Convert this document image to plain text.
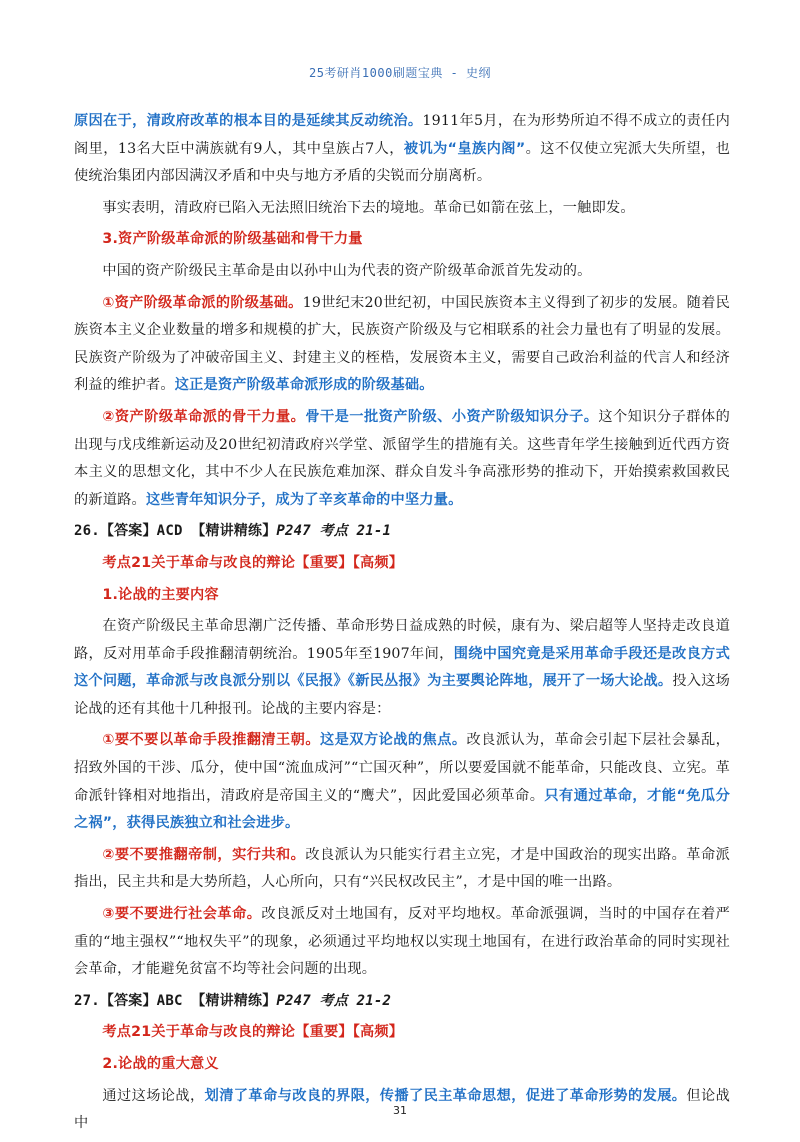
25考研肖1000刷题宝典 - 史纲

原因在于，清政府改革的根本目的是延续其反动统治。1911年5月，在为形势所迫不得不成立的责任内阁里，13名大臣中满族就有9人，其中皇族占7人，被讥为“皇族内阁”。这不仅使立宪派大失所望，也使统治集团内部因满汉矛盾和中央与地方矛盾的尖锐而分崩离析。

事实表明，清政府已陷入无法照旧统治下去的境地。革命已如箭在弦上，一触即发。

3.资产阶级革命派的阶级基础和骨干力量

中国的资产阶级民主革命是由以孙中山为代表的资产阶级革命派首先发动的。

①资产阶级革命派的阶级基础。19世纪末20世纪初，中国民族资本主义得到了初步的发展。随着民族资本主义企业数量的增多和规模的扩大，民族资产阶级及与它相联系的社会力量也有了明显的发展。民族资产阶级为了冲破帝国主义、封建主义的桎梏，发展资本主义，需要自己政治利益的代言人和经济利益的维护者。这正是资产阶级革命派形成的阶级基础。

②资产阶级革命派的骨干力量。骨干是一批资产阶级、小资产阶级知识分子。这个知识分子群体的出现与戊戌维新运动及20世纪初清政府兴学堂、派留学生的措施有关。这些青年学生接触到近代西方资本主义的思想文化，其中不少人在民族危难加深、群众自发斗争高涨形势的推动下，开始摸索救国救民的新道路。这些青年知识分子，成为了辛亥革命的中坚力量。

26.【答案】ACD 【精讲精练】P247 考点 21-1

考点21关于革命与改良的辩论【重要】【高频】

1.论战的主要内容

在资产阶级民主革命思潮广泛传播、革命形势日益成熟的时候，康有为、梁启超等人坚持走改良道路，反对用革命手段推翻清朝统治。1905年至1907年间，围绕中国究竟是采用革命手段还是改良方式这个问题，革命派与改良派分别以《民报》《新民丛报》为主要舆论阵地，展开了一场大论战。投入这场论战的还有其他十几种报刊。论战的主要内容是：

①要不要以革命手段推翻清王朝。这是双方论战的焦点。改良派认为，革命会引起下层社会暴乱，招致外国的干涉、瓜分，使中国“流血成河”“亡国灭种”，所以要爱国就不能革命，只能改良、立宪。革命派针锋相对地指出，清政府是帝国主义的“鹰犬”，因此爱国必须革命。只有通过革命，才能“免瓜分之祸”，获得民族独立和社会进步。

②要不要推翻帝制，实行共和。改良派认为只能实行君主立宪，才是中国政治的现实出路。革命派指出，民主共和是大势所趋，人心所向，只有“兴民权改民主”，才是中国的唯一出路。

③要不要进行社会革命。改良派反对土地国有，反对平均地权。革命派强调，当时的中国存在着严重的“地主强权”“地权失平”的现象，必须通过平均地权以实现土地国有，在进行政治革命的同时实现社会革命，才能避免贫富不均等社会问题的出现。

27.【答案】ABC 【精讲精练】P247 考点 21-2

考点21关于革命与改良的辩论【重要】【高频】

2.论战的重大意义

通过这场论战，划清了革命与改良的界限，传播了民主革命思想，促进了革命形势的发展。但论战中

31
